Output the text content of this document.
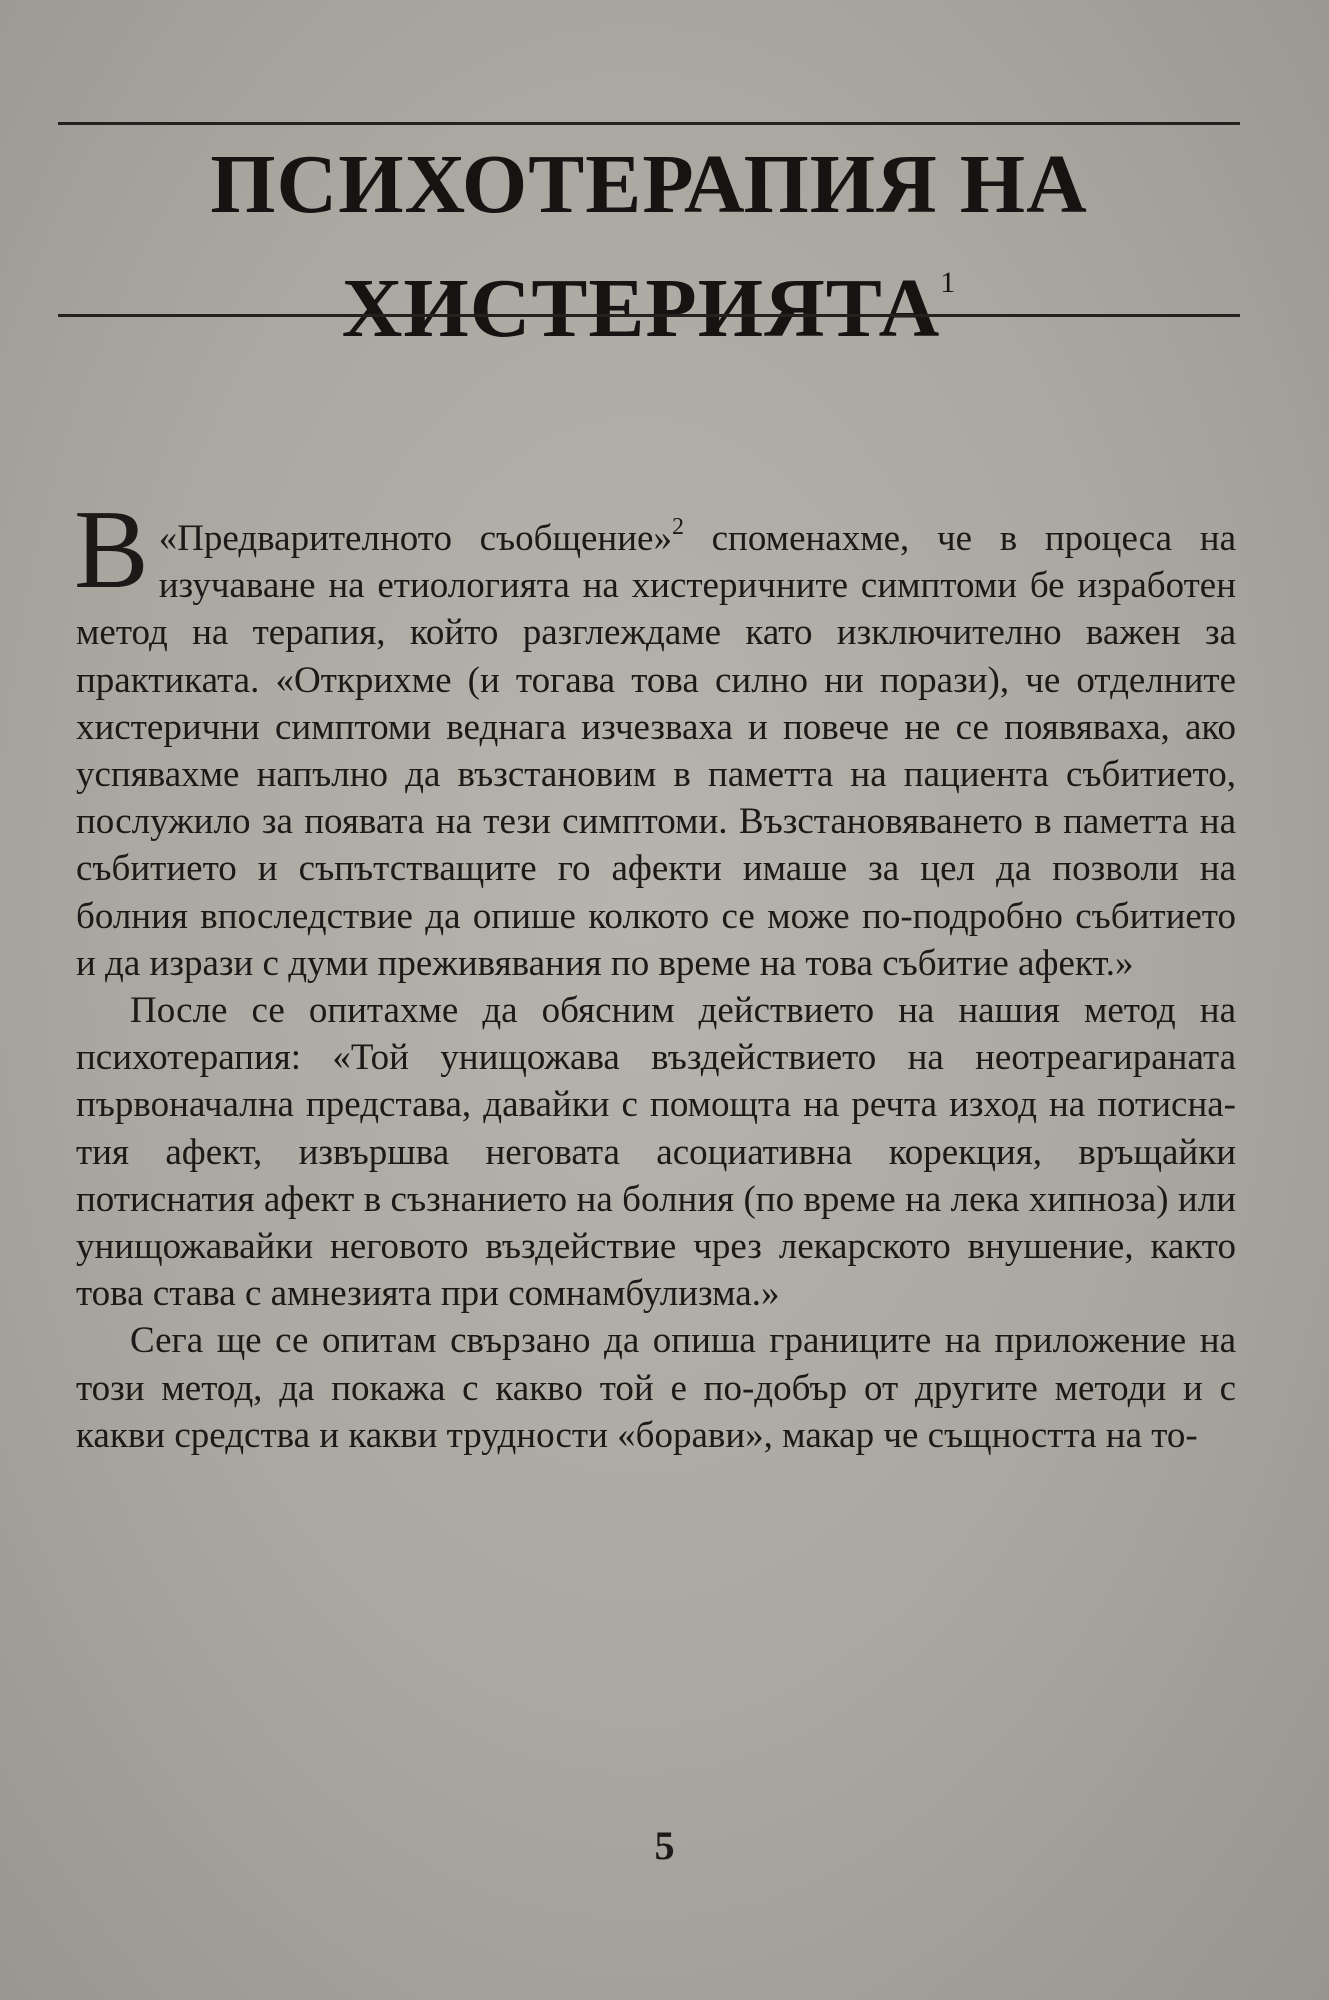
ПСИХОТЕРАПИЯ НА
ХИСТЕРИЯТА$^1$

В «Предварителното съобщение»$^2$ споменахме, че в процеса на изучаване на етиологията на хистеричните симптоми бе изработен метод на терапия, който разглеждаме като изключително важен за практиката. «Открихме (и тогава това силно ни порази), че отделните хистерични симптоми веднага изчезваха и повече не се появяваха, ако успявахме напълно да възстановим в паметта на пациента събитието, послужило за появата на тези симптоми. Възстановяването в паметта на събитието и съпътстващите го афекти имаше за цел да позволи на болния впоследствие да опише колкото се може по-подробно събитието и да изрази с думи преживявания по време на това събитие афект.»

После се опитахме да обясним действието на нашия метод на психотерапия: «Той унищожава въздействието на неотреагираната първоначална представа, давайки с помощта на речта изход на потиснатия афект, извършва неговата асоциативна корекция, връщайки потиснатия афект в съзнанието на болния (по време на лека хипноза) или унищожавайки неговото въздействие чрез лекарското внушение, както това става с амнезията при сомнамбулизма.»

Сега ще се опитам свързано да опиша границите на приложение на този метод, да покажа с какво той е по-добър от другите методи и с какви средства и какви трудности «борави», макар че същността на то-

5
